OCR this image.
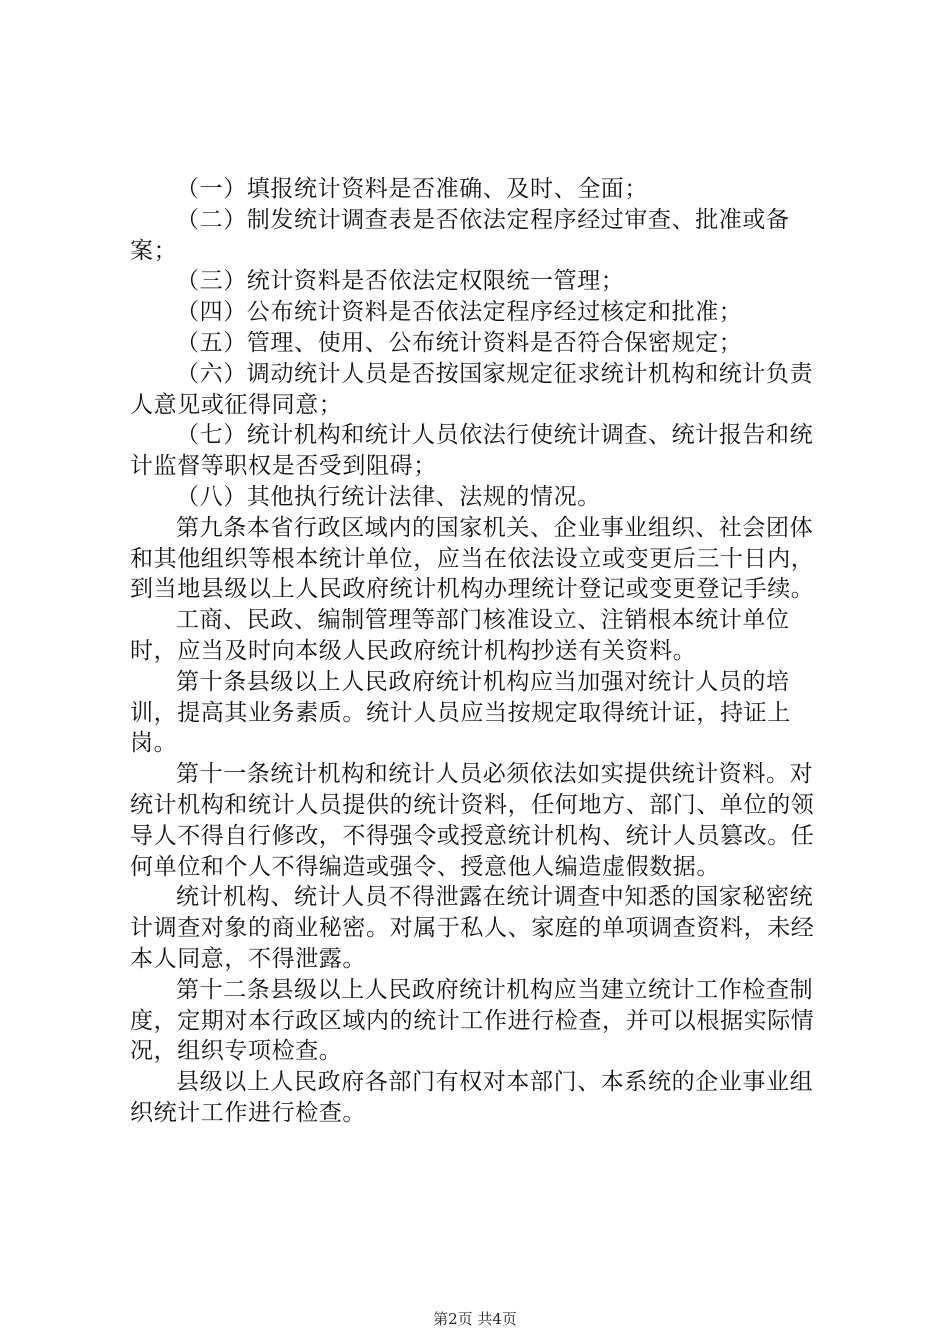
（一）填报统计资料是否准确、及时、全面；

（二）制发统计调查表是否依法定程序经过审查、批准或备案；

（三）统计资料是否依法定权限统一管理；

（四）公布统计资料是否依法定程序经过核定和批准；

（五）管理、使用、公布统计资料是否符合保密规定；

（六）调动统计人员是否按国家规定征求统计机构和统计负责人意见或征得同意；

（七）统计机构和统计人员依法行使统计调查、统计报告和统计监督等职权是否受到阻碍；

（八）其他执行统计法律、法规的情况。

第九条本省行政区域内的国家机关、企业事业组织、社会团体和其他组织等根本统计单位，应当在依法设立或变更后三十日内，到当地县级以上人民政府统计机构办理统计登记或变更登记手续。

工商、民政、编制管理等部门核准设立、注销根本统计单位时，应当及时向本级人民政府统计机构抄送有关资料。

第十条县级以上人民政府统计机构应当加强对统计人员的培训，提高其业务素质。统计人员应当按规定取得统计证，持证上岗。

第十一条统计机构和统计人员必须依法如实提供统计资料。对统计机构和统计人员提供的统计资料，任何地方、部门、单位的领导人不得自行修改，不得强令或授意统计机构、统计人员篡改。任何单位和个人不得编造或强令、授意他人编造虚假数据。

统计机构、统计人员不得泄露在统计调查中知悉的国家秘密统计调查对象的商业秘密。对属于私人、家庭的单项调查资料，未经本人同意，不得泄露。

第十二条县级以上人民政府统计机构应当建立统计工作检查制度，定期对本行政区域内的统计工作进行检查，并可以根据实际情况，组织专项检查。

县级以上人民政府各部门有权对本部门、本系统的企业事业组织统计工作进行检查。

第2页 共4页
